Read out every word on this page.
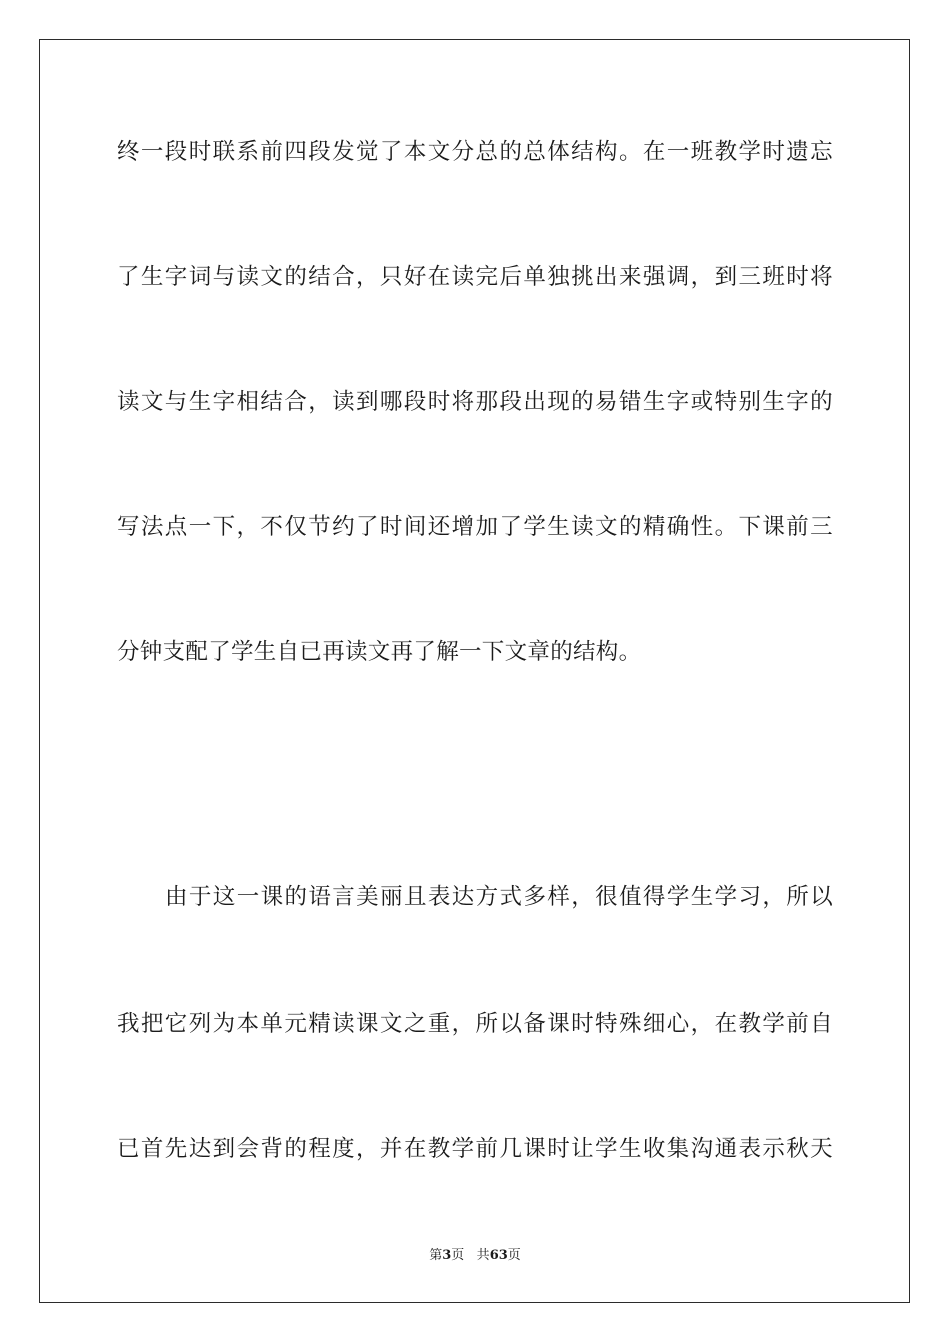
终一段时联系前四段发觉了本文分总的总体结构。在一班教学时遗忘
了生字词与读文的结合，只好在读完后单独挑出来强调，到三班时将
读文与生字相结合，读到哪段时将那段出现的易错生字或特别生字的
写法点一下，不仅节约了时间还增加了学生读文的精确性。下课前三
分钟支配了学生自已再读文再了解一下文章的结构。
由于这一课的语言美丽且表达方式多样，很值得学生学习，所以
我把它列为本单元精读课文之重，所以备课时特殊细心，在教学前自
已首先达到会背的程度，并在教学前几课时让学生收集沟通表示秋天
第3页 共63页
